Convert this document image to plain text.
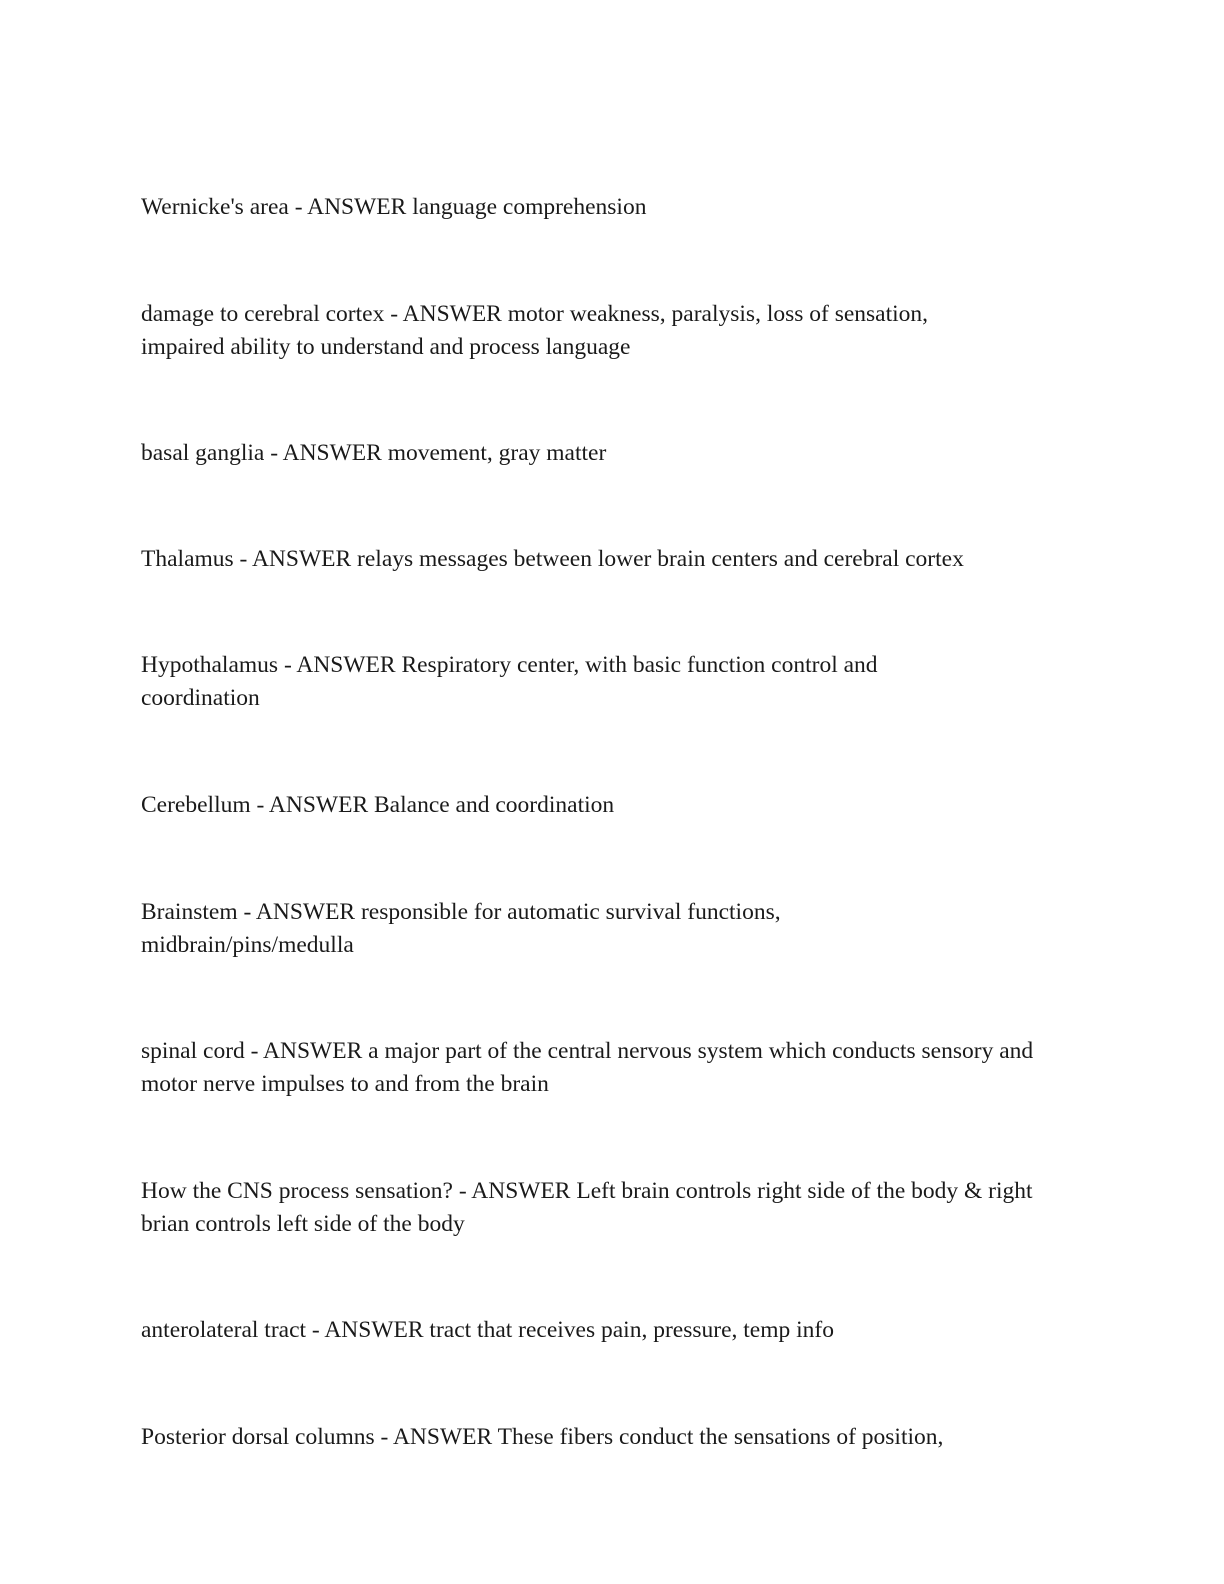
Wernicke's area - ANSWER language comprehension

damage to cerebral cortex - ANSWER motor weakness, paralysis, loss of sensation, impaired ability to understand and process language

basal ganglia - ANSWER movement, gray matter

Thalamus - ANSWER relays messages between lower brain centers and cerebral cortex

Hypothalamus - ANSWER Respiratory center, with basic function control and coordination

Cerebellum - ANSWER Balance and coordination

Brainstem - ANSWER responsible for automatic survival functions, midbrain/pins/medulla

spinal cord - ANSWER a major part of the central nervous system which conducts sensory and motor nerve impulses to and from the brain

How the CNS process sensation? - ANSWER Left brain controls right side of the body & right brian controls left side of the body

anterolateral tract - ANSWER tract that receives pain, pressure, temp info

Posterior dorsal columns - ANSWER These fibers conduct the sensations of position,
